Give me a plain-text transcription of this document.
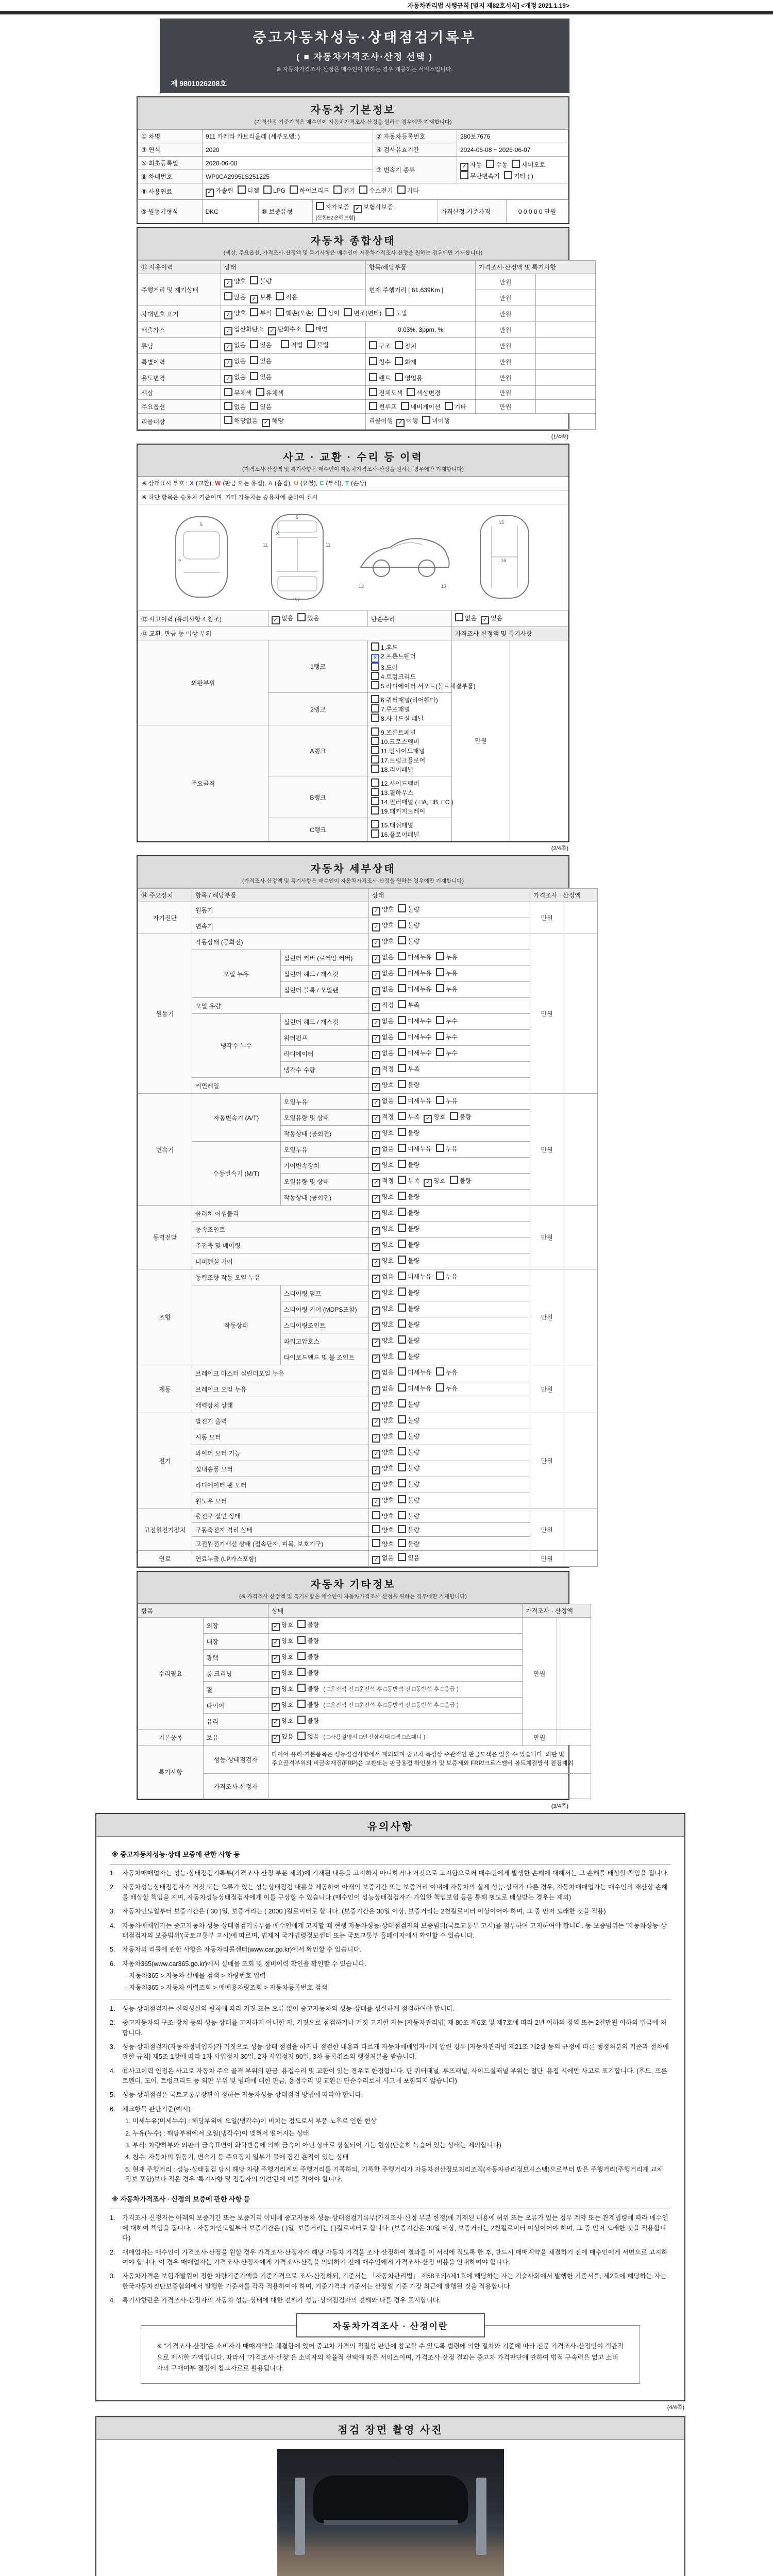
자동차관리법 시행규칙 [별지 제82호서식] <개정 2021.1.19>
중고자동차성능·상태점검기록부
( ■ 자동차가격조사·산정 선택 )
※ 자동차가격조사·산정은 매수인이 원하는 경우 제공하는 서비스입니다.
제 9801026208호
자동차 기본정보
(가격산정 기준가격은 매수인이 자동차가격조사·산정을 원하는 경우에만 기재합니다)
① 차명	911 카레라 카브리올레 (세부모델: )	② 자동차등록번호	280보7676
③ 연식	2020	④ 검사유효기간	2024-06-08 ~ 2026-06-07
⑤ 최초등록일	2020-06-08	⑦ 변속기 종류	✓자동 수동 세미오토
무단변속기 기타 ( )
⑥ 차대번호	WP0CA2995LS251225
⑧ 사용연료	✓가솔린 디젤 LPG 하이브리드 전기 수소전기 기타

⑨ 원동기형식	DKC	⑩ 보증유형	자가보증 ✓ 보험사보증[신한EZ손해보험]	가격산정 기준가격	0 0 0 0 0 만원
자동차 종합상태
(색상, 주요옵션, 가격조사·산정액 및 특기사항은 매수인이 자동차가격조사·산정을 원하는 경우에만 기재합니다)
⑪ 사용이력	상태	항목/해당부품	가격조사·산정액 및 특기사항	
주행거리 및 계기상태	✓양호 불량	현재 주행거리 [ 61,639Km ]	만원	
	많음 ✓ 보통 적음		만원	
차대번호 표기	✓양호 부식 훼손(오손) 상이 변조(변타) 도말		만원	
배출가스	✓일산화탄소 ✓ 탄화수소 매연	0.03%, 3ppm, %	만원	
튜닝	✓없음 있음 적법 불법	구조 장치	만원	
특별이력	✓없음 있음	침수 화재	만원	
용도변경	✓없음 있음	렌트 영업용	만원	
색상	무채색 유채색	전체도색 색상변경	만원	
주요옵션	없음 있음	썬루프 네비게이션 기타	만원	
리콜대상	해당없음 ✓ 해당	리콜이행  ✓이행 미이행
(1/4쪽)
사고 · 교환 · 수리 등 이력
(가격조사·산정액 및 특기사항은 매수인이 자동차가격조사·산정을 원하는 경우에만 기재합니다)
※ 상태표시 부호 : X (교환), W (판금 또는 용접), A (흠집), U (요철), C (부식), T (손상)
※ 하단 항목은 승용차 기준이며, 기타 자동차는 승용차에 준하여 표시
5
9
11	11
5
17
✕
13	13
16
15
⑫ 사고이력 (유의사항 4.참조)	✓없음 있음	단순수리	없음 ✓ 있음
⑬ 교환, 판금 등 이상 부위			가격조사·산정액 및 특기사항	
외판부위	1랭크	1.후드 ✕2.프론트휀더 3.도어 4.트렁크리드 5.라디에이터 서포트(볼트체결부품)	만원	
	2랭크	6.쿼터패널(리어휀다) 7.루프패널 8.사이드실 패널		
주요골격	A랭크	9.프론트패널 10.크로스멤버 11.인사이드패널 17.트렁크플로어 18.리어패널		
	B랭크	12.사이드멤버 13.휠하우스 14.필러패널 ( □A, □B, □C ) 19.패키지트레이		
	C랭크	15.대쉬패널 16.플로어패널		
(2/4쪽)
자동차 세부상태
(가격조사·산정액 및 특기사항은 매수인이 자동차가격조사·산정을 원하는 경우에만 기재합니다)
⑭ 주요장치	항목 / 해당부품		상태	가격조사 · 산정액	
자기진단	원동기	✓양호 불량	만원	
	변속기	✓양호 불량
원동기	작동상태 (공회전)	✓양호 불량	만원	
	오일 누유	실린더 커버 (로커암 커버)	✓없음 미세누유 누유
		실린더 헤드 / 개스킷	✓없음 미세누유 누유
		실린더 블록 / 오일팬	✓없음 미세누유 누유
	오일 유량	✓적정 부족
	냉각수 누수	실린더 헤드 / 개스킷	✓없음 미세누수 누수
		워터펌프	✓없음 미세누수 누수
		라디에이터	✓없음 미세누수 누수
		냉각수 수량	✓적정 부족
	커먼레일	✓양호 불량
변속기	자동변속기 (A/T)	오일누유	✓없음 미세누유 누유	만원	
		오일유량 및 상태	✓적정 부족 ✓ 양호 불량
		작동상태 (공회전)	✓양호 불량
	수동변속기 (M/T)	오일누유	✓없음 미세누유 누유
		기어변속장치	✓양호 불량
		오일유량 및 상태	✓적정 부족 ✓ 양호 불량
		작동상태 (공회전)	✓양호 불량
동력전달	클러치 어셈블리	✓양호 불량	만원	
	등속조인트	✓양호 불량
	추진축 및 베어링	✓양호 불량
	디퍼렌셜 기어	✓양호 불량
조향	동력조향 작동 오일 누유	✓없음 미세누유 누유	만원	
	작동상태	스티어링 펌프	✓양호 불량
		스티어링 기어 (MDPS포함)	✓양호 불량
		스티어링조인트	✓양호 불량
		파워고압호스	✓양호 불량
		타이로드엔드 및 볼 조인트	✓양호 불량
제동	브레이크 마스터 실린더오일 누유	✓없음 미세누유 누유	만원	
	브레이크 오일 누유	✓없음 미세누유 누유
	배력장치 상태	✓양호 불량
전기	발전기 출력	✓양호 불량	만원	
	시동 모터	✓양호 불량
	와이퍼 모터 기능	✓양호 불량
	실내송풍 모터	✓양호 불량
	라디에이터 팬 모터	✓양호 불량
	윈도우 모터	✓양호 불량
고전원전기장치	충전구 절연 상태		양호 불량	만원	
	구동축전지 격리 상태		양호 불량		
	고전원전기배선 상태 (접속단자, 피복, 보호기구)		양호 불량		
연료	연료누출 (LP가스포함)	✓없음 있음	만원	
자동차 기타정보
(※ 가격조사·산정액 및 특기사항은 매수인이 자동차가격조사·산정을 원하는 경우에만 기재합니다)
항목		상태	가격조사 · 산정액	
수리필요	외장	✓양호 불량	만원	
	내장	✓양호 불량
	광택	✓양호 불량
	룸 크리닝	✓양호 불량
	휠	✓양호 불량 ( □운전석 전 □운전석 후 □동반석 전 □동반석 후 □응급 )
	타이어	✓양호 불량 ( □운전석 전 □운전석 후 □동반석 전 □동반석 후 □응급 )
	유리	✓양호 불량
기본품목	보유	✓있음 없음 ( □사용설명서 □안전삼각대 □잭 □스패너 )	만원	
특기사항	성능·상태점검자	타이어·유리·기본품목은 성능점검사항에서 제외되며 중고차 특성상 주관적인 판금도색은 있을 수 있습니다. 외판 및 주요골격부위의 비금속재질(FRP)은 교환또는 판금용접 확인불가 및 보증제외 FRP/크로스멤버 볼트체결방식 점검제외		
	가격조사·산정자			
(3/4쪽)
유의사항
※ 중고자동차성능·상태 보증에 관한 사항 등
1.	자동차매매업자는 성능·상태점검기록부(가격조사·산정 부분 제외)에 기재된 내용을 고지하지 아니하거나 거짓으로 고지함으로써 매수인에게 발생한 손해에 대해서는 그 손해를 배상할 책임을 집니다.
2.	자동차성능상태점검자가 거짓 또는 오류가 있는 성능상태점검 내용을 제공하여 아래의 보증기간 또는 보증거리 이내에 자동차의 실제 성능·상태가 다른 경우, 자동차매매업자는 매수인의 재산상 손해를 배상할 책임을 지며, 자동차성능상태점검자에게 이를 구상할 수 있습니다.(매수인이 성능상태점검자가 가입한 책임보험 등을 통해 별도로 배상받는 경우는 제외)
3.	자동차인도일부터 보증기간은 ( 30 )일, 보증거리는 ( 2000 )킬로미터로 합니다. (보증기간은 30일 이상, 보증거리는 2천킬로미터 이상이어야 하며, 그 중 먼저 도래한 것을 적용)
4.	자동차매매업자는 중고자동차 성능·상태점검기록부를 매수인에게 고지할 때 현행 자동차성능·상태점검자의 보증범위(국토교통부 고시)를 첨부하여 고지하여야 합니다. 동 보증범위는 '자동차성능·상태점검자의 보증범위'(국토교통부 고시)에 따르며, 법제처 국가법령정보센터 또는 국토교통부 홈페이지에서 확인할 수 있습니다.
5.	자동차의 리콜에 관한 사항은 자동차리콜센터(www.car.go.kr)에서 확인할 수 있습니다.
6.	자동차365(www.car365.go.kr)에서 실매물 조회 및 정비이력 확인을 확인할 수 있습니다.
- 자동차365 > 자동차 실매물 검색 > 차량번호 입력
- 자동차365 > 자동차 이력조회 > 매매용차량조회 > 자동차등록번호 검색
1.	성능·상태점검자는 신의성실의 원칙에 따라 거짓 또는 오류 없이 중고자동차의 성능·상태를 성실하게 점검하여야 합니다.
2.	중고자동차의 구조·장치 등의 성능·상태를 고지하지 아니한 자, 거짓으로 점검하거나 거짓 고지한 자는 [자동차관리법] 제 80조 제6호 및 제7호에 따라 2년 이하의 징역 또는 2천만원 이하의 벌금에 처합니다.
3.	성능·상태점검자(자동차정비업자)가 거짓으로 성능·상태 점검을 하거나 점검한 내용과 다르게 자동차매매업자에게 알린 경우 [자동차관리법 제21조 제2항 등의 규정에 따른 행정처분의 기준과 절차에 관한 규칙] 제5조 1항에 따라 1차 사업정지 30일, 2차 사업정지 90일, 3차 등록취소의 행정처분을 받습니다.
4.	⑫사고이력 인정은 사고로 자동차 주요 골격 부위의 판금, 용접수리 및 교환이 있는 경우로 한정합니다. 단 쿼터패널, 루프패널, 사이드실패널 부위는 절단, 용접 시에만 사고로 표기합니다. (후드, 프론트펜더, 도어, 트렁크리드 등 외판 부위 및 범퍼에 대한 판금, 용접수리 및 교환은 단순수리로서 사고에 포함되지 않습니다)
5.	성능·상태점검은 국토교통부장관이 정하는 자동차성능·상태점검 방법에 따라야 합니다.
6.	체크항목 판단기준(예시)
1. 미세누유(미세누수) : 해당부위에 오일(냉각수)이 비치는 정도로서 부품 노후로 인한 현상
2. 누유(누수) : 해당부위에서 오일(냉각수)이 맺혀서 떨어지는 상태
3. 부식: 차량하부와 외판의 금속표면이 화학반응에 의해 금속이 아닌 상태로 상실되어 가는 현상(단순히 녹슬어 있는 상태는 제외합니다)
4. 침수: 자동차의 원동기, 변속기 등 주요장치 일부가 물에 잠긴 흔적이 있는 상태
5. 현재 주행거리 : 성능·상태점검 당시 해당 차량 주행거리계의 주행거리를 기록하되, 기록한 주행거리가 자동차전산정보처리조직(자동차관리정보시스템)으로부터 받은 주행거리(주행거리계 교체 정보 포함)보다 적은 경우 '특기사항 및 점검자의 의견'란에 이를 적어야 합니다.
※ 자동차가격조사 · 산정의 보증에 관한 사항 등
1.	가격조사·산정자는 아래의 보증기간 또는 보증거리 이내에 중고자동차 성능·상태점검기록부(가격조사·산정 부분 한정)에 기재된 내용에 허위 또는 오류가 있는 경우 계약 또는 관계법령에 따라 매수인에 대하여 책임을 집니다. · 자동차인도일부터 보증기간은 ( )일, 보증거리는 ( )킬로미터로 합니다. (보증기간은 30일 이상, 보증거리는 2천킬로미터 이상이어야 하며, 그 중 먼저 도래한 것을 적용합니다)
2.	매매업자는 매수인이 가격조사·산정을 원할 경우 가격조사·산정자가 해당 자동차 가격을 조사·산정하여 결과를 이 서식에 적도록 한 후, 반드시 매매계약을 체결하기 전에 매수인에게 서면으로 고지하여야 합니다. 이 경우 매매업자는 가격조사·산정자에게 가격조사·산정을 의뢰하기 전에 매수인에게 가격조사·산정 비용을 안내하여야 합니다.
3.	자동차가격은 보험개발원이 정한 차량기준가액을 기준가격으로 조사·산정하되, 기준서는 「자동차관리법」 제58조의4제1호에 해당하는 자는 기술사회에서 발행한 기준서를, 제2호에 해당하는 자는 한국자동차진단보증협회에서 발행한 기준서를 각각 적용하여야 하며, 기준가격과 기준서는 산정일 기준 가장 최근에 발행된 것을 적용합니다.
4.	특기사항란은 가격조사·산정자의 자동차 성능·상태에 대한 견해가 성능·상태점검자의 견해와 다를 경우 표시합니다.
자동차가격조사 · 산정이란
※ "가격조사·산정"은 소비자가 매매계약을 체결함에 있어 중고차 가격의 적절성 판단에 참고할 수 있도록 법령에 의한 절차와 기준에 따라 전문 가격조사·산정인이 객관적으로 제시한 가액입니다. 따라서 "가격조사·산정"은 소비자의 자율적 선택에 따른 서비스이며, 가격조사·산정 결과는 중고차 가격판단에 관하여 법적 구속력은 없고 소비자의 구매여부 결정에 참고자료로 활용됩니다.
(4/4쪽)
점검 장면 촬영 사진
